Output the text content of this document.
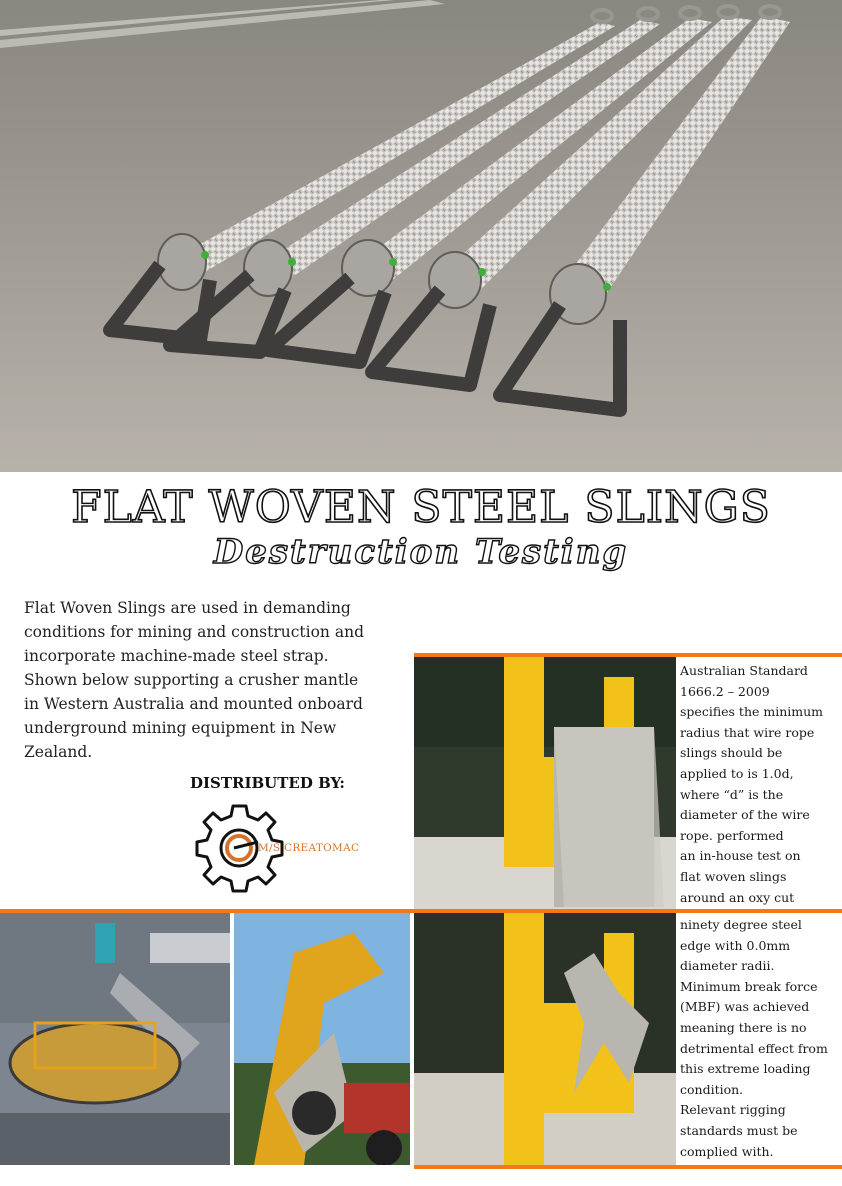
FLAT WOVEN STEEL SLINGS
Destruction Testing
Flat Woven Slings are used in demanding
conditions for mining and construction and
incorporate machine-made steel strap.
Shown below supporting a crusher mantle
in Western Australia and mounted onboard
underground mining equipment in New
Zealand.
DISTRIBUTED BY:
M/S CREATOMAC
Australian Standard
1666.2 – 2009
specifies the minimum
radius that wire rope
slings should be
applied to is 1.0d,
where “d” is the
diameter of the wire
rope. performed
an in-house test on
flat woven slings
around an oxy cut
ninety degree steel
edge with 0.0mm
diameter radii.
Minimum break force
(MBF) was achieved
meaning there is no
detrimental effect from
this extreme loading
condition.
Relevant rigging
standards must be
complied with.
